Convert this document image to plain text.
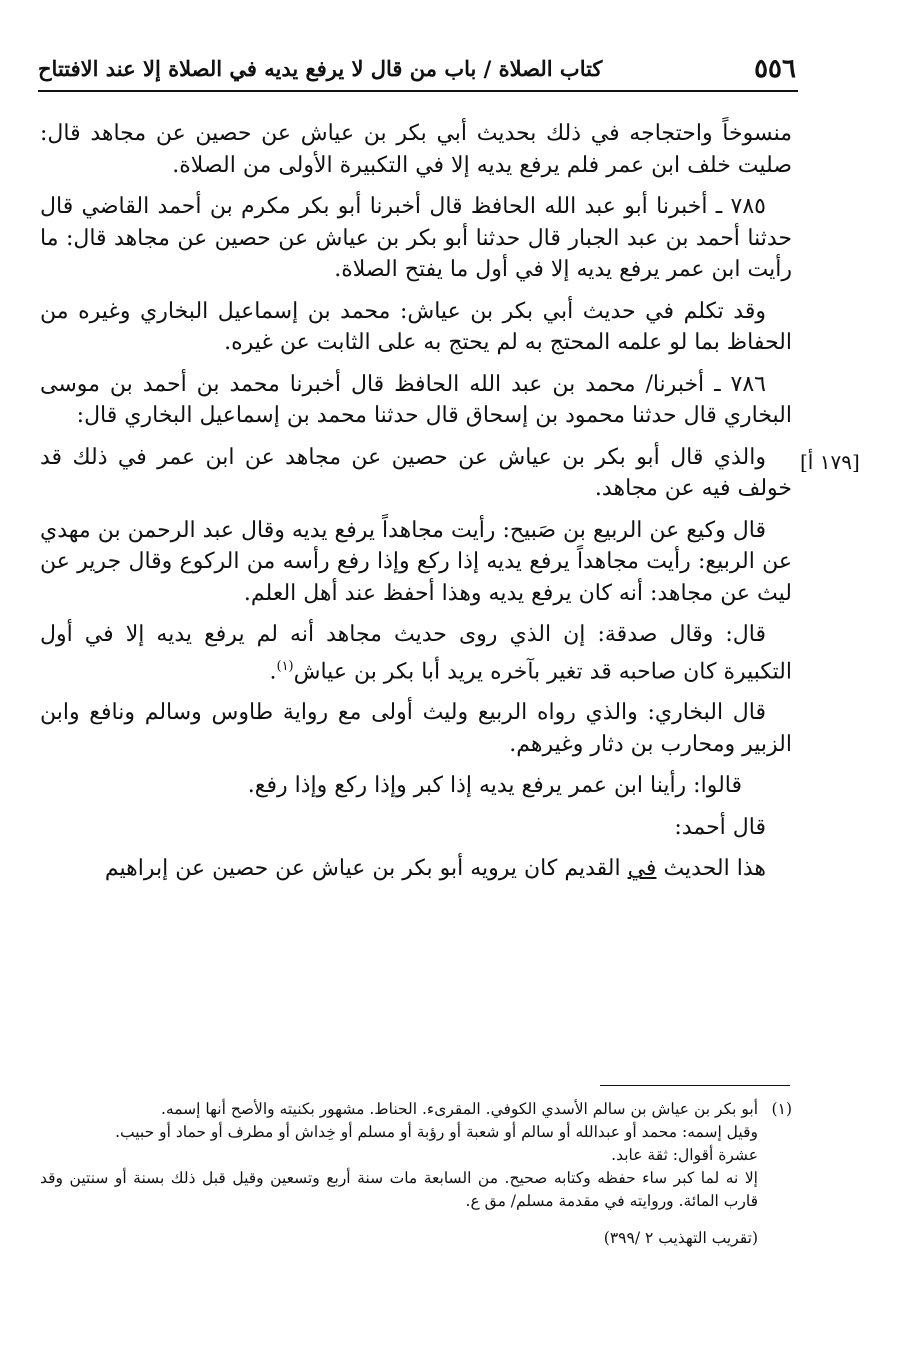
٥٥٦
كتاب الصلاة / باب من قال لا يرفع يديه في الصلاة إلا عند الافتتاح
[١٧٩ أ]

منسوخاً واحتجاجه في ذلك بحديث أبي بكر بن عياش عن حصين عن مجاهد قال: صليت خلف ابن عمر فلم يرفع يديه إلا في التكبيرة الأولى من الصلاة.

٧٨٥ ـ أخبرنا أبو عبد الله الحافظ قال أخبرنا أبو بكر مكرم بن أحمد القاضي قال حدثنا أحمد بن عبد الجبار قال حدثنا أبو بكر بن عياش عن حصين عن مجاهد قال: ما رأيت ابن عمر يرفع يديه إلا في أول ما يفتح الصلاة.

وقد تكلم في حديث أبي بكر بن عياش: محمد بن إسماعيل البخاري وغيره من الحفاظ بما لو علمه المحتج به لم يحتج به على الثابت عن غيره.

٧٨٦ ـ أخبرنا/ محمد بن عبد الله الحافظ قال أخبرنا محمد بن أحمد بن موسى البخاري قال حدثنا محمود بن إسحاق قال حدثنا محمد بن إسماعيل البخاري قال:

والذي قال أبو بكر بن عياش عن حصين عن مجاهد عن ابن عمر في ذلك قد خولف فيه عن مجاهد.

قال وكيع عن الربيع بن صَبيح: رأيت مجاهداً يرفع يديه وقال عبد الرحمن بن مهدي عن الربيع: رأيت مجاهداً يرفع يديه إذا ركع وإذا رفع رأسه من الركوع وقال جرير عن ليث عن مجاهد: أنه كان يرفع يديه وهذا أحفظ عند أهل العلم.

قال: وقال صدقة: إن الذي روى حديث مجاهد أنه لم يرفع يديه إلا في أول التكبيرة كان صاحبه قد تغير بآخره يريد أبا بكر بن عياش$^{(١)}$.

قال البخاري: والذي رواه الربيع وليث أولى مع رواية طاوس وسالم ونافع وابن الزبير ومحارب بن دثار وغيرهم.

قالوا: رأينا ابن عمر يرفع يديه إذا كبر وإذا ركع وإذا رفع.

قال أحمد:

هذا الحديث في القديم كان يرويه أبو بكر بن عياش عن حصين عن إبراهيم

(١)أبو بكر بن عياش بن سالم الأسدي الكوفي. المقرىء. الحناط. مشهور بكنيته والأصح أنها إسمه.

وقيل إسمه: محمد أو عبدالله أو سالم أو شعبة أو رؤبة أو مسلم أو خِداش أو مطرف أو حماد أو حبيب.

عشرة أقوال: ثقة عابد.

إلا نه لما كبر ساء حفظه وكتابه صحيح. من السابعة مات سنة أربع وتسعين وقيل قبل ذلك بسنة أو سنتين وقد قارب المائة. وروايته في مقدمة مسلم/ مق ع.

(تقريب التهذيب ٢ /٣٩٩)
